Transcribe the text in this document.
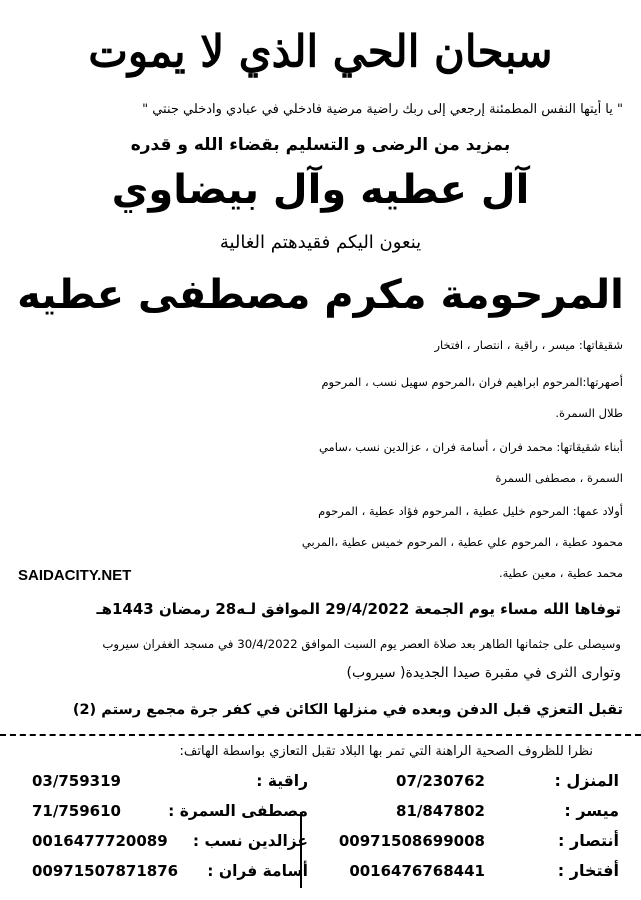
سبحان الحي الذي لا يموت
" يا أيتها النفس المطمئنة إرجعي إلى ربك راضية مرضية فادخلي في عبادي وادخلي جنتي "
بمزيد من الرضى و التسليم بقضاء الله و قدره
آل عطيه وآل بيضاوي
ينعون اليكم فقيدهتم الغالية
المرحومة مكرم مصطفى عطيه
شقيقاتها: ميسر ، راقية ، انتصار ، افتخار
أصهرتها:المرحوم ابراهيم فران ،المرحوم سهيل نسب ، المرحوم
طلال السمرة.
أبناء شقيقاتها: محمد فران ، أسامة فران ، عزالدين نسب ،سامي
السمرة ، مصطفى السمرة
أولاد عمها: المرحوم خليل عطية ، المرحوم فؤاد عطية ، المرحوم
محمود عطية ، المرحوم علي عطية ، المرحوم خميس عطية ،المربي
محمد عطية ، معين عطية.
SAIDACITY.NET
توفاها الله مساء يوم الجمعة 29/4/2022 الموافق لـه28 رمضان 1443هـ
وسيصلى على جثمانها الطاهر بعد صلاة العصر يوم السبت الموافق 30/4/2022 في مسجد الغفران سيروب
وتوارى الثرى في مقبرة صيدا الجديدة( سيروب)
تقبل التعزي قبل الدفن وبعده في منزلها الكائن في كفر جرة مجمع رستم (2)
نظرا للظروف الصحية الراهنة التي تمر بها البلاد تقبل التعازي بواسطة الهاتف:
المنزل :
07/230762
ميسر :
81/847802
أنتصار :
00971508699008
أفتخار :
0016476768441
راقية :
03/759319
مصطفى السمرة :
71/759610
عزالدين نسب :
0016477720089
أسامة فران :
00971507871876
